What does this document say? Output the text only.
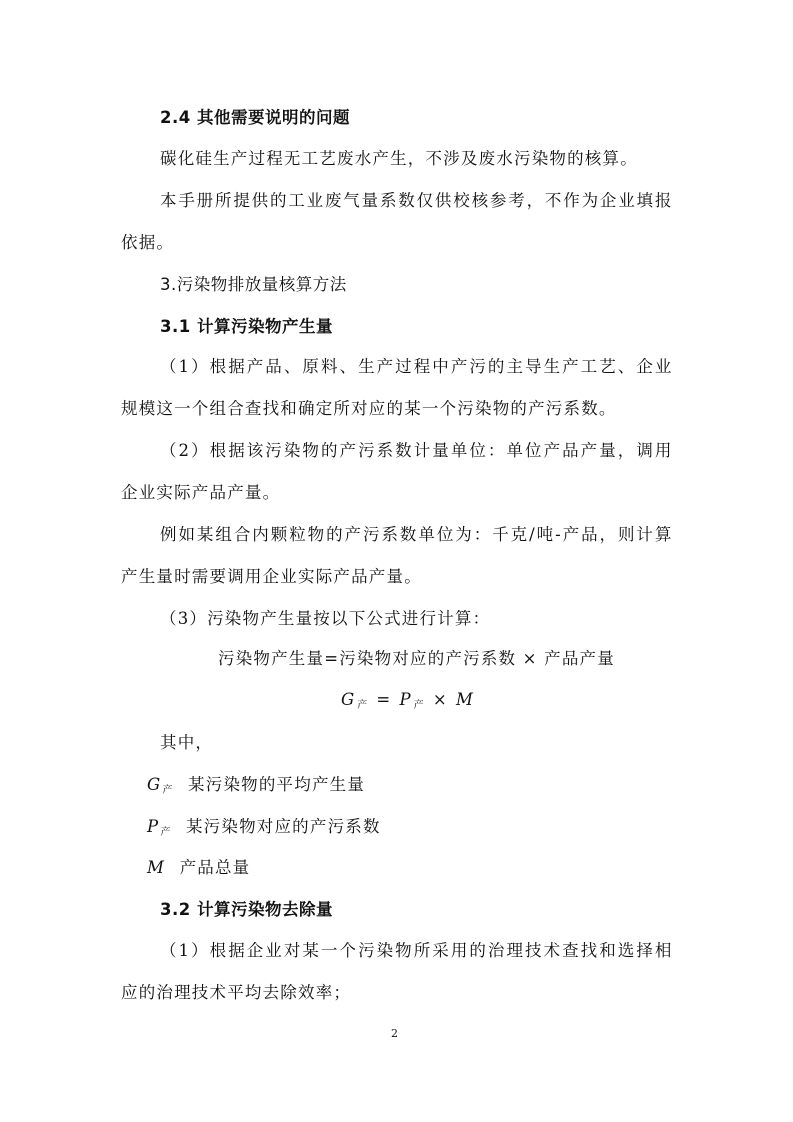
2.4 其他需要说明的问题
碳化硅生产过程无工艺废水产生，不涉及废水污染物的核算。
本手册所提供的工业废气量系数仅供校核参考，不作为企业填报
依据。
3.污染物排放量核算方法
3.1 计算污染物产生量
（1）根据产品、原料、生产过程中产污的主导生产工艺、企业
规模这一个组合查找和确定所对应的某一个污染物的产污系数。
（2）根据该污染物的产污系数计量单位：单位产品产量，调用
企业实际产品产量。
例如某组合内颗粒物的产污系数单位为：千克/吨-产品，则计算
产生量时需要调用企业实际产品产量。
（3）污染物产生量按以下公式进行计算：
污染物产生量=污染物对应的产污系数 × 产品产量
$G_产 = P_产 \times M$
其中，
$G_产$ 某污染物的平均产生量
$P_产$ 某污染物对应的产污系数
M 产品总量
3.2 计算污染物去除量
（1）根据企业对某一个污染物所采用的治理技术查找和选择相
应的治理技术平均去除效率；
2
